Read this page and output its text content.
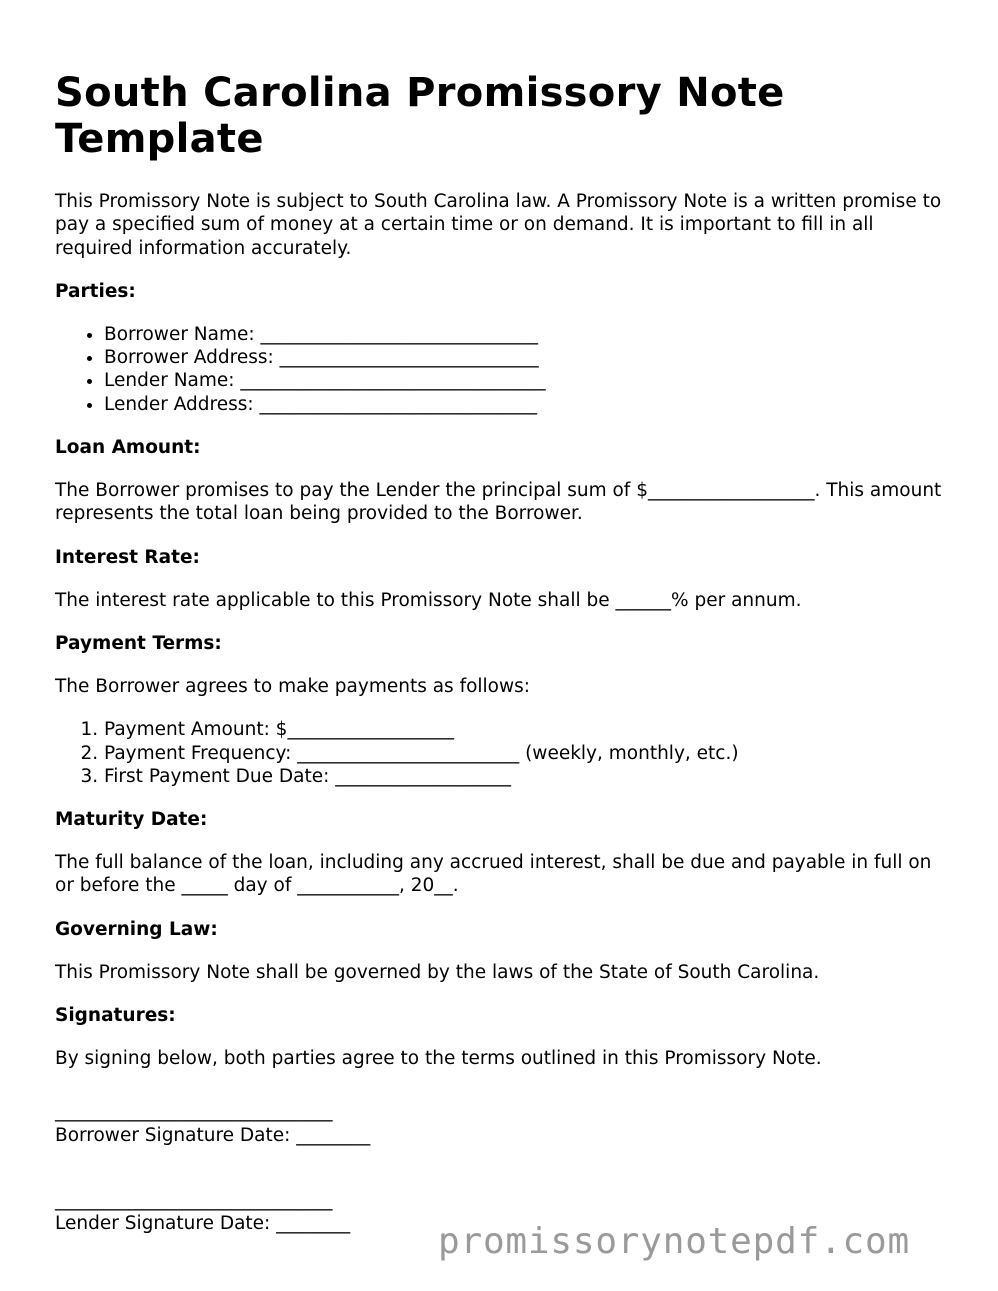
South Carolina Promissory Note Template

This Promissory Note is subject to South Carolina law. A Promissory Note is a written promise to pay a specified sum of money at a certain time or on demand. It is important to fill in all required information accurately.

Parties:
• Borrower Name: ______________________________
• Borrower Address: ____________________________
• Lender Name: _________________________________
• Lender Address: ______________________________
Loan Amount:

The Borrower promises to pay the Lender the principal sum of $__________________. This amount represents the total loan being provided to the Borrower.

Interest Rate:

The interest rate applicable to this Promissory Note shall be ______% per annum.

Payment Terms:

The Borrower agrees to make payments as follows:

1. Payment Amount: $__________________
2. Payment Frequency: ________________________ (weekly, monthly, etc.)
3. First Payment Due Date: ___________________
Maturity Date:

The full balance of the loan, including any accrued interest, shall be due and payable in full on or before the _____ day of ___________, 20__.

Governing Law:

This Promissory Note shall be governed by the laws of the State of South Carolina.

Signatures:

By signing below, both parties agree to the terms outlined in this Promissory Note.

______________________________
Borrower Signature Date: ________
______________________________
Lender Signature Date: ________	promissorynotepdf.com
